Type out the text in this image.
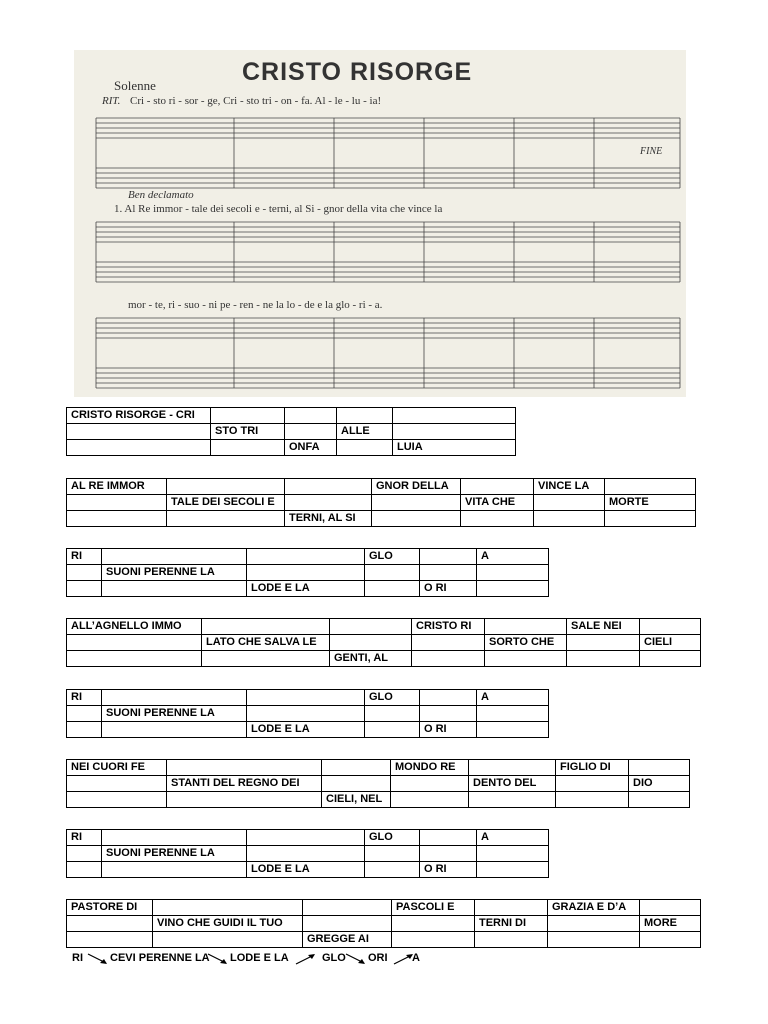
CRISTO RISORGE
Solenne
RIT. Cri - sto ri - sor - ge, Cri - sto tri - on - fa. Al - le - lu - ia!
FINE
Ben declamato
1. Al Re immor - tale dei secoli e - terni, al Si - gnor della vita che vince la
mor - te, ri - suo - ni pe - ren - ne la lo - de e la glo - ri - a.
CRISTO RISORGE - CRI				
	STO TRI		ALLE	
		ONFA		LUIA
AL RE IMMOR			GNOR DELLA		VINCE LA	
	TALE DEI SECOLI E			VITA CHE		MORTE
		TERNI, AL SI				
RI			GLO		A
	SUONI PERENNE LA				
		LODE E LA		O RI	
ALL’AGNELLO IMMO			CRISTO RI		SALE NEI	
	LATO CHE SALVA LE			SORTO CHE		CIELI
		GENTI, AL				
RI			GLO		A
	SUONI PERENNE LA				
		LODE E LA		O RI	
NEI CUORI FE			MONDO RE		FIGLIO DI	
	STANTI DEL REGNO DEI			DENTO DEL		DIO
		CIELI, NEL				
RI			GLO		A
	SUONI PERENNE LA				
		LODE E LA		O RI	
PASTORE DI			PASCOLI E		GRAZIA E D’A	
	VINO CHE GUIDI IL TUO			TERNI DI		MORE
		GREGGE AI				
RI CEVI PERENNE LA LODE E LA	GLO ORI A
